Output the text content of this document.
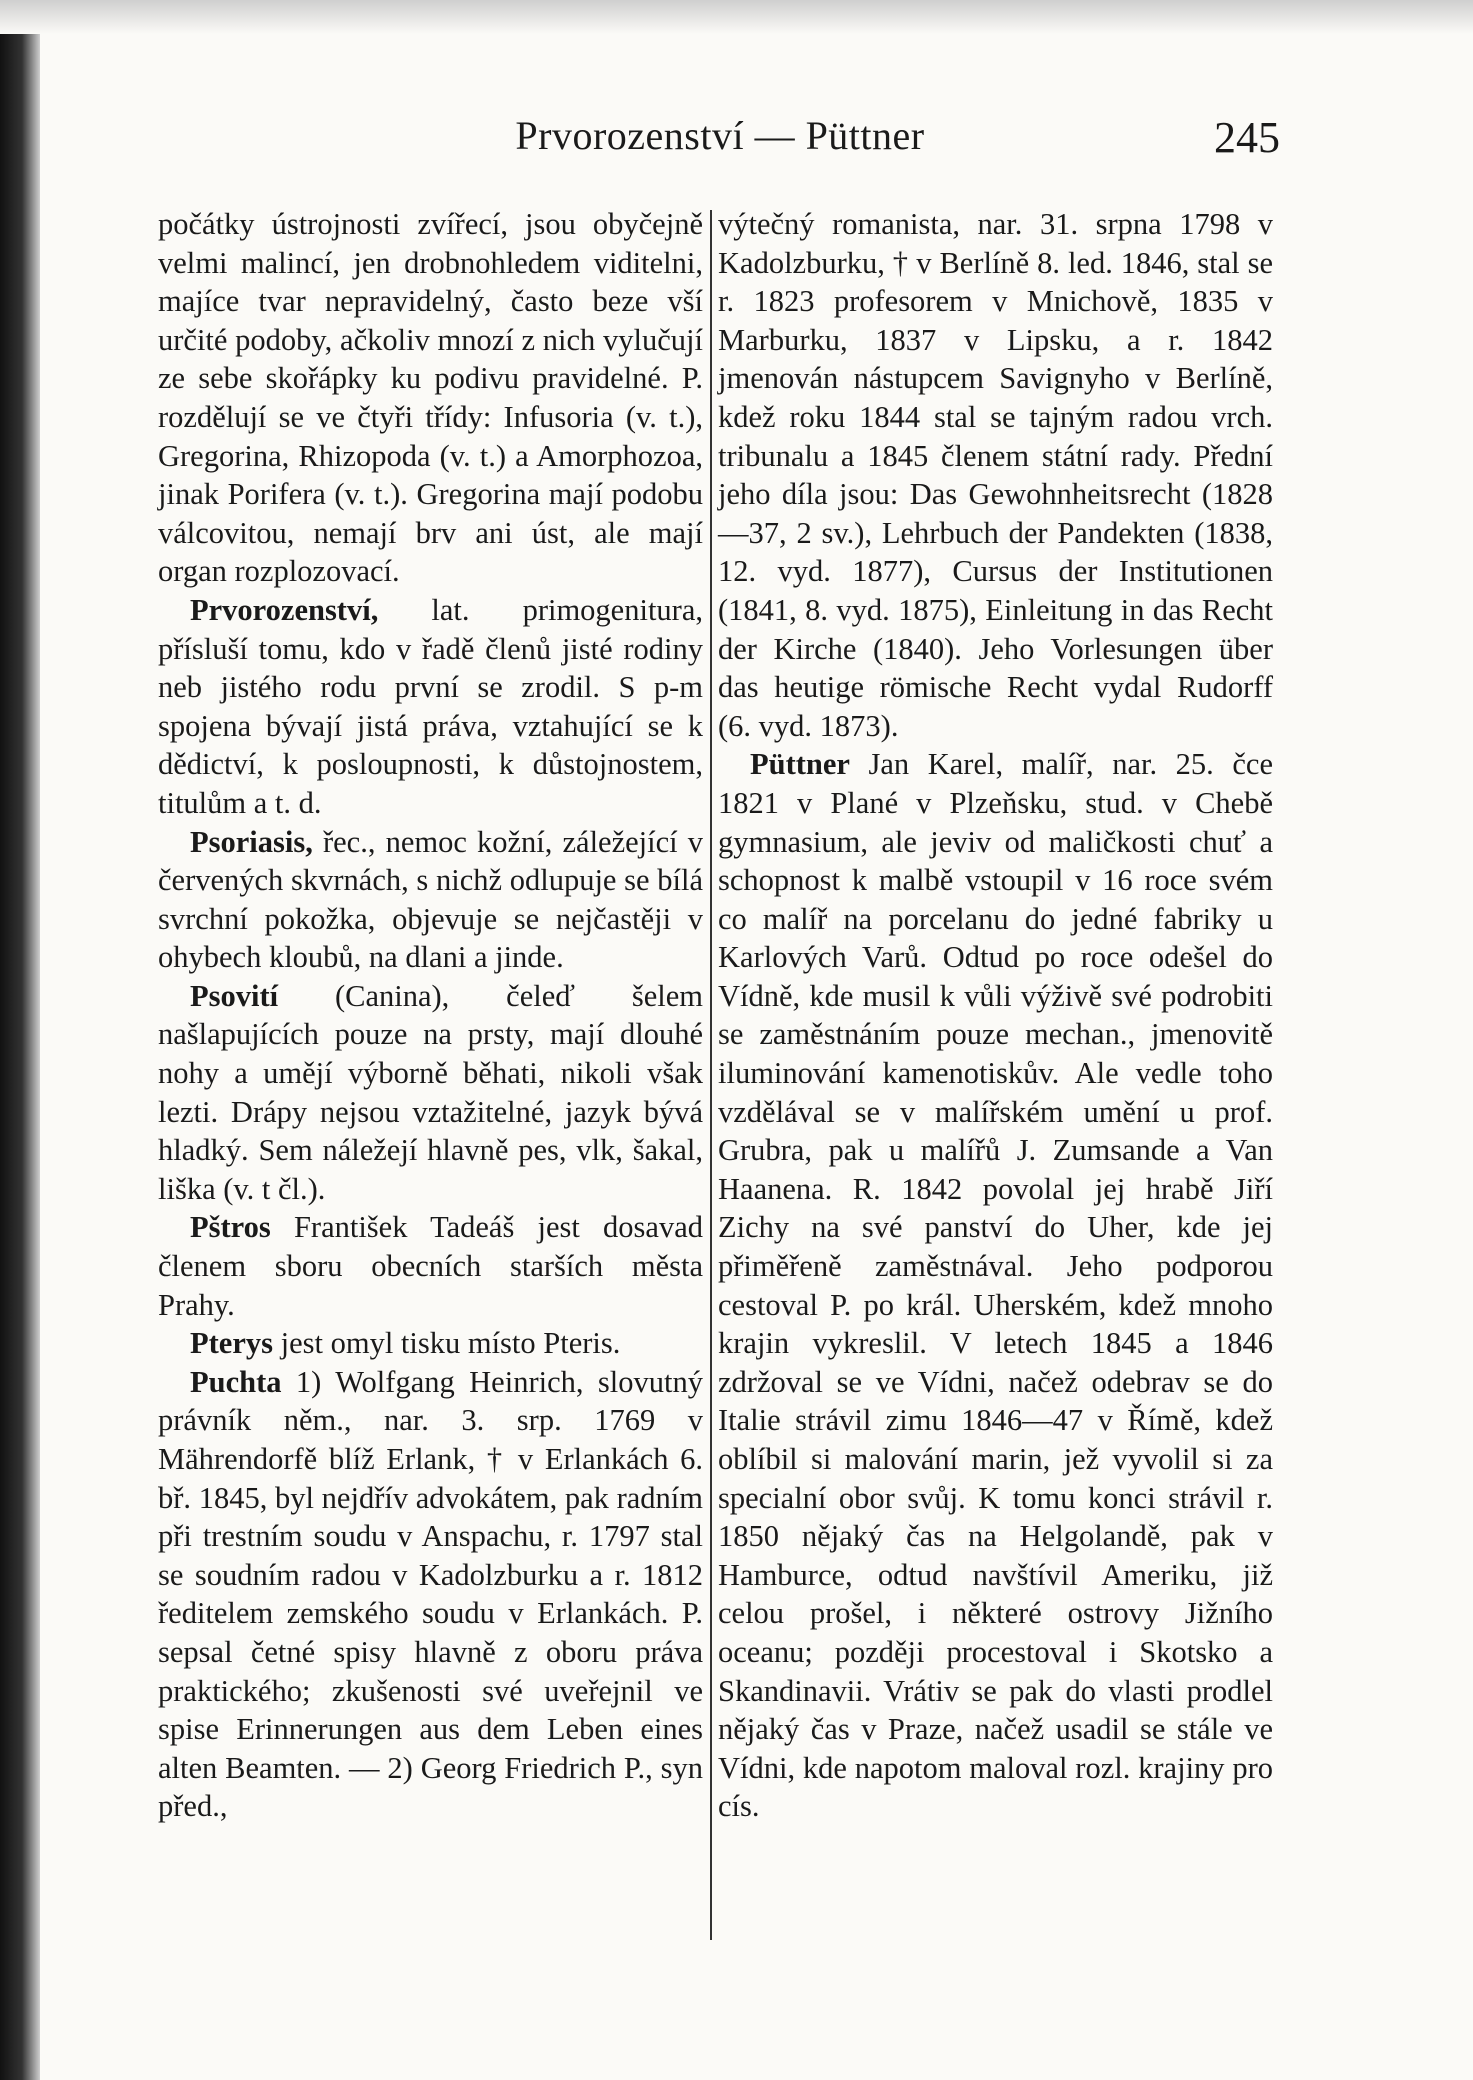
Prvorozenství — Püttner	245

počátky ústrojnosti zvířecí, jsou obyčejně velmi malincí, jen drobnohledem viditelni, majíce tvar nepravidelný, často beze vší určité podoby, ačkoliv mnozí z nich vylučují ze sebe skořápky ku podivu pravidelné. P. rozdělují se ve čtyři třídy: Infusoria (v. t.), Gregorina, Rhizopoda (v. t.) a Amorphozoa, jinak Porifera (v. t.). Gregorina mají podobu válcovitou, nemají brv ani úst, ale mají organ rozplozovací.

Prvorozenství, lat. primogenitura, přísluší tomu, kdo v řadě členů jisté rodiny neb jistého rodu první se zrodil. S p-m spojena bývají jistá práva, vztahující se k dědictví, k posloupnosti, k důstojnostem, titulům a t. d.

Psoriasis, řec., nemoc kožní, záležející v červených skvrnách, s nichž odlupuje se bílá svrchní pokožka, objevuje se nejčastěji v ohybech kloubů, na dlani a jinde.

Psovití (Canina), čeleď šelem našlapujících pouze na prsty, mají dlouhé nohy a umějí výborně běhati, nikoli však lezti. Drápy nejsou vztažitelné, jazyk bývá hladký. Sem náležejí hlavně pes, vlk, šakal, liška (v. t čl.).

Pštros František Tadeáš jest dosavad členem sboru obecních starších města Prahy.

Pterys jest omyl tisku místo Pteris.

Puchta 1) Wolfgang Heinrich, slovutný právník něm., nar. 3. srp. 1769 v Mährendorfě blíž Erlank, † v Erlankách 6. bř. 1845, byl nejdřív advokátem, pak radním při trestním soudu v Anspachu, r. 1797 stal se soudním radou v Kadolzburku a r. 1812 ředitelem zemského soudu v Erlankách. P. sepsal četné spisy hlavně z oboru práva praktického; zkušenosti své uveřejnil ve spise Erinnerungen aus dem Leben eines alten Beamten. — 2) Georg Friedrich P., syn před.,

výtečný romanista, nar. 31. srpna 1798 v Kadolzburku, † v Berlíně 8. led. 1846, stal se r. 1823 profesorem v Mnichově, 1835 v Marburku, 1837 v Lipsku, a r. 1842 jmenován nástupcem Savignyho v Berlíně, kdež roku 1844 stal se tajným radou vrch. tribunalu a 1845 členem státní rady. Přední jeho díla jsou: Das Gewohnheitsrecht (1828—37, 2 sv.), Lehrbuch der Pandekten (1838, 12. vyd. 1877), Cursus der Institutionen (1841, 8. vyd. 1875), Einleitung in das Recht der Kirche (1840). Jeho Vorlesungen über das heutige römische Recht vydal Rudorff (6. vyd. 1873).

Püttner Jan Karel, malíř, nar. 25. čce 1821 v Plané v Plzeňsku, stud. v Chebě gymnasium, ale jeviv od maličkosti chuť a schopnost k malbě vstoupil v 16 roce svém co malíř na porcelanu do jedné fabriky u Karlových Varů. Odtud po roce odešel do Vídně, kde musil k vůli výživě své podrobiti se zaměstnáním pouze mechan., jmenovitě iluminování kamenotiskův. Ale vedle toho vzdělával se v malířském umění u prof. Grubra, pak u malířů J. Zumsande a Van Haanena. R. 1842 povolal jej hrabě Jiří Zichy na své panství do Uher, kde jej přiměřeně zaměstnával. Jeho podporou cestoval P. po král. Uherském, kdež mnoho krajin vykreslil. V letech 1845 a 1846 zdržoval se ve Vídni, načež odebrav se do Italie strávil zimu 1846—47 v Římě, kdež oblíbil si malování marin, jež vyvolil si za specialní obor svůj. K tomu konci strávil r. 1850 nějaký čas na Helgolandě, pak v Hamburce, odtud navštívil Ameriku, již celou prošel, i některé ostrovy Jižního oceanu; později procestoval i Skotsko a Skandinavii. Vrátiv se pak do vlasti prodlel nějaký čas v Praze, načež usadil se stále ve Vídni, kde napotom maloval rozl. krajiny pro cís.
